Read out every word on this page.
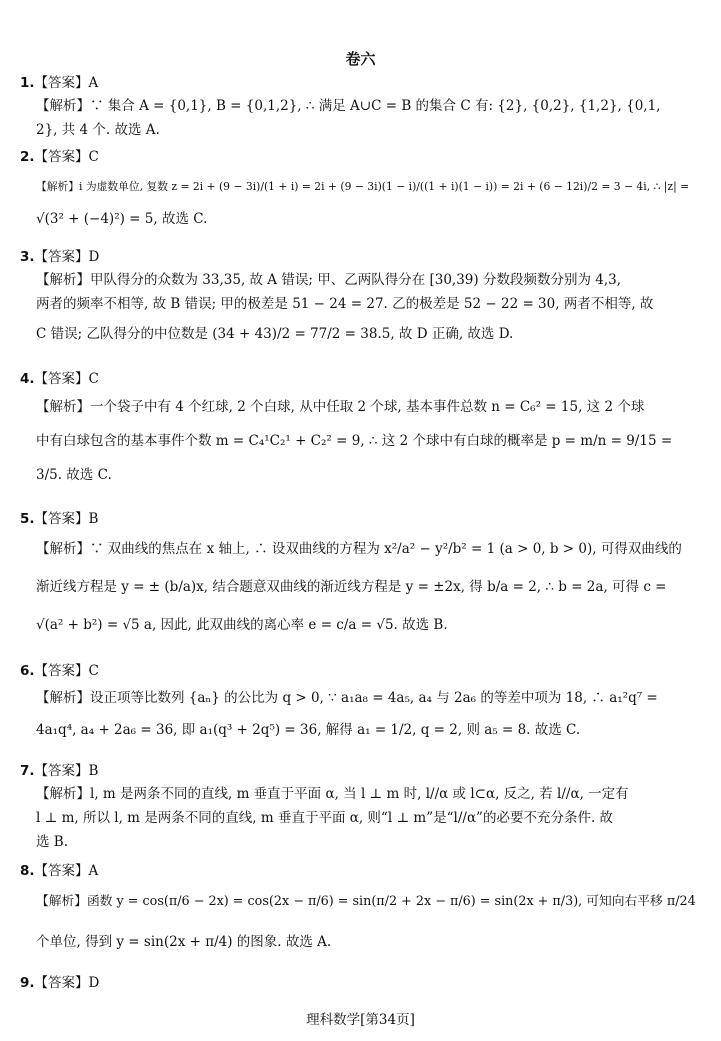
卷六
1.【答案】A

【解析】∵ 集合 A = {0,1}, B = {0,1,2}, ∴ 满足 A∪C = B 的集合 C 有: {2}, {0,2}, {1,2}, {0,1,

2}, 共 4 个. 故选 A.

2.【答案】C

【解析】i 为虚数单位, 复数 z = 2i + (9 − 3i)/(1 + i) = 2i + (9 − 3i)(1 − i)/((1 + i)(1 − i)) = 2i + (6 − 12i)/2 = 3 − 4i, ∴ |z| =

√(3² + (−4)²) = 5, 故选 C.

3.【答案】D

【解析】甲队得分的众数为 33,35, 故 A 错误; 甲、乙两队得分在 [30,39) 分数段频数分别为 4,3,

两者的频率不相等, 故 B 错误; 甲的极差是 51 − 24 = 27. 乙的极差是 52 − 22 = 30, 两者不相等, 故

C 错误; 乙队得分的中位数是 (34 + 43)/2 = 77/2 = 38.5, 故 D 正确, 故选 D.

4.【答案】C

【解析】一个袋子中有 4 个红球, 2 个白球, 从中任取 2 个球, 基本事件总数 n = C₆² = 15, 这 2 个球

中有白球包含的基本事件个数 m = C₄¹C₂¹ + C₂² = 9, ∴ 这 2 个球中有白球的概率是 p = m/n = 9/15 =

3/5. 故选 C.

5.【答案】B

【解析】∵ 双曲线的焦点在 x 轴上, ∴ 设双曲线的方程为 x²/a² − y²/b² = 1 (a > 0, b > 0), 可得双曲线的

渐近线方程是 y = ± (b/a)x, 结合题意双曲线的渐近线方程是 y = ±2x, 得 b/a = 2, ∴ b = 2a, 可得 c =

√(a² + b²) = √5 a, 因此, 此双曲线的离心率 e = c/a = √5. 故选 B.

6.【答案】C

【解析】设正项等比数列 {aₙ} 的公比为 q > 0, ∵ a₁a₈ = 4a₅, a₄ 与 2a₆ 的等差中项为 18, ∴ a₁²q⁷ =

4a₁q⁴, a₄ + 2a₆ = 36, 即 a₁(q³ + 2q⁵) = 36, 解得 a₁ = 1/2, q = 2, 则 a₅ = 8. 故选 C.

7.【答案】B

【解析】l, m 是两条不同的直线, m 垂直于平面 α, 当 l ⊥ m 时, l//α 或 l⊂α, 反之, 若 l//α, 一定有

l ⊥ m, 所以 l, m 是两条不同的直线, m 垂直于平面 α, 则“l ⊥ m”是“l//α”的必要不充分条件. 故

选 B.

8.【答案】A

【解析】函数 y = cos(π/6 − 2x) = cos(2x − π/6) = sin(π/2 + 2x − π/6) = sin(2x + π/3), 可知向右平移 π/24

个单位, 得到 y = sin(2x + π/4) 的图象. 故选 A.

9.【答案】D
理科数学[第34页]
